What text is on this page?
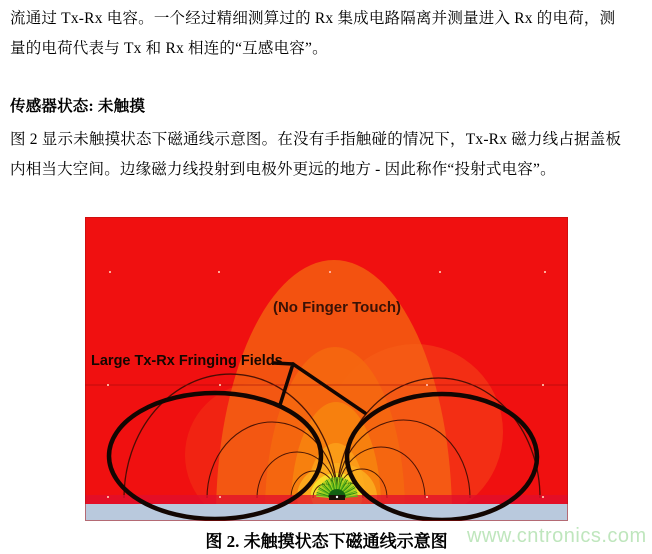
流通过 Tx-Rx 电容。一个经过精细测算过的 Rx 集成电路隔离并测量进入 Rx 的电荷，测
量的电荷代表与 Tx 和 Rx 相连的“互感电容”。
传感器状态: 未触摸
图 2 显示未触摸状态下磁通线示意图。在没有手指触碰的情况下，Tx-Rx 磁力线占据盖板
内相当大空间。边缘磁力线投射到电极外更远的地方 - 因此称作“投射式电容”。
(No Finger Touch)
Large Tx-Rx Fringing Fields
图 2. 未触摸状态下磁通线示意图 www.cntronics.com
